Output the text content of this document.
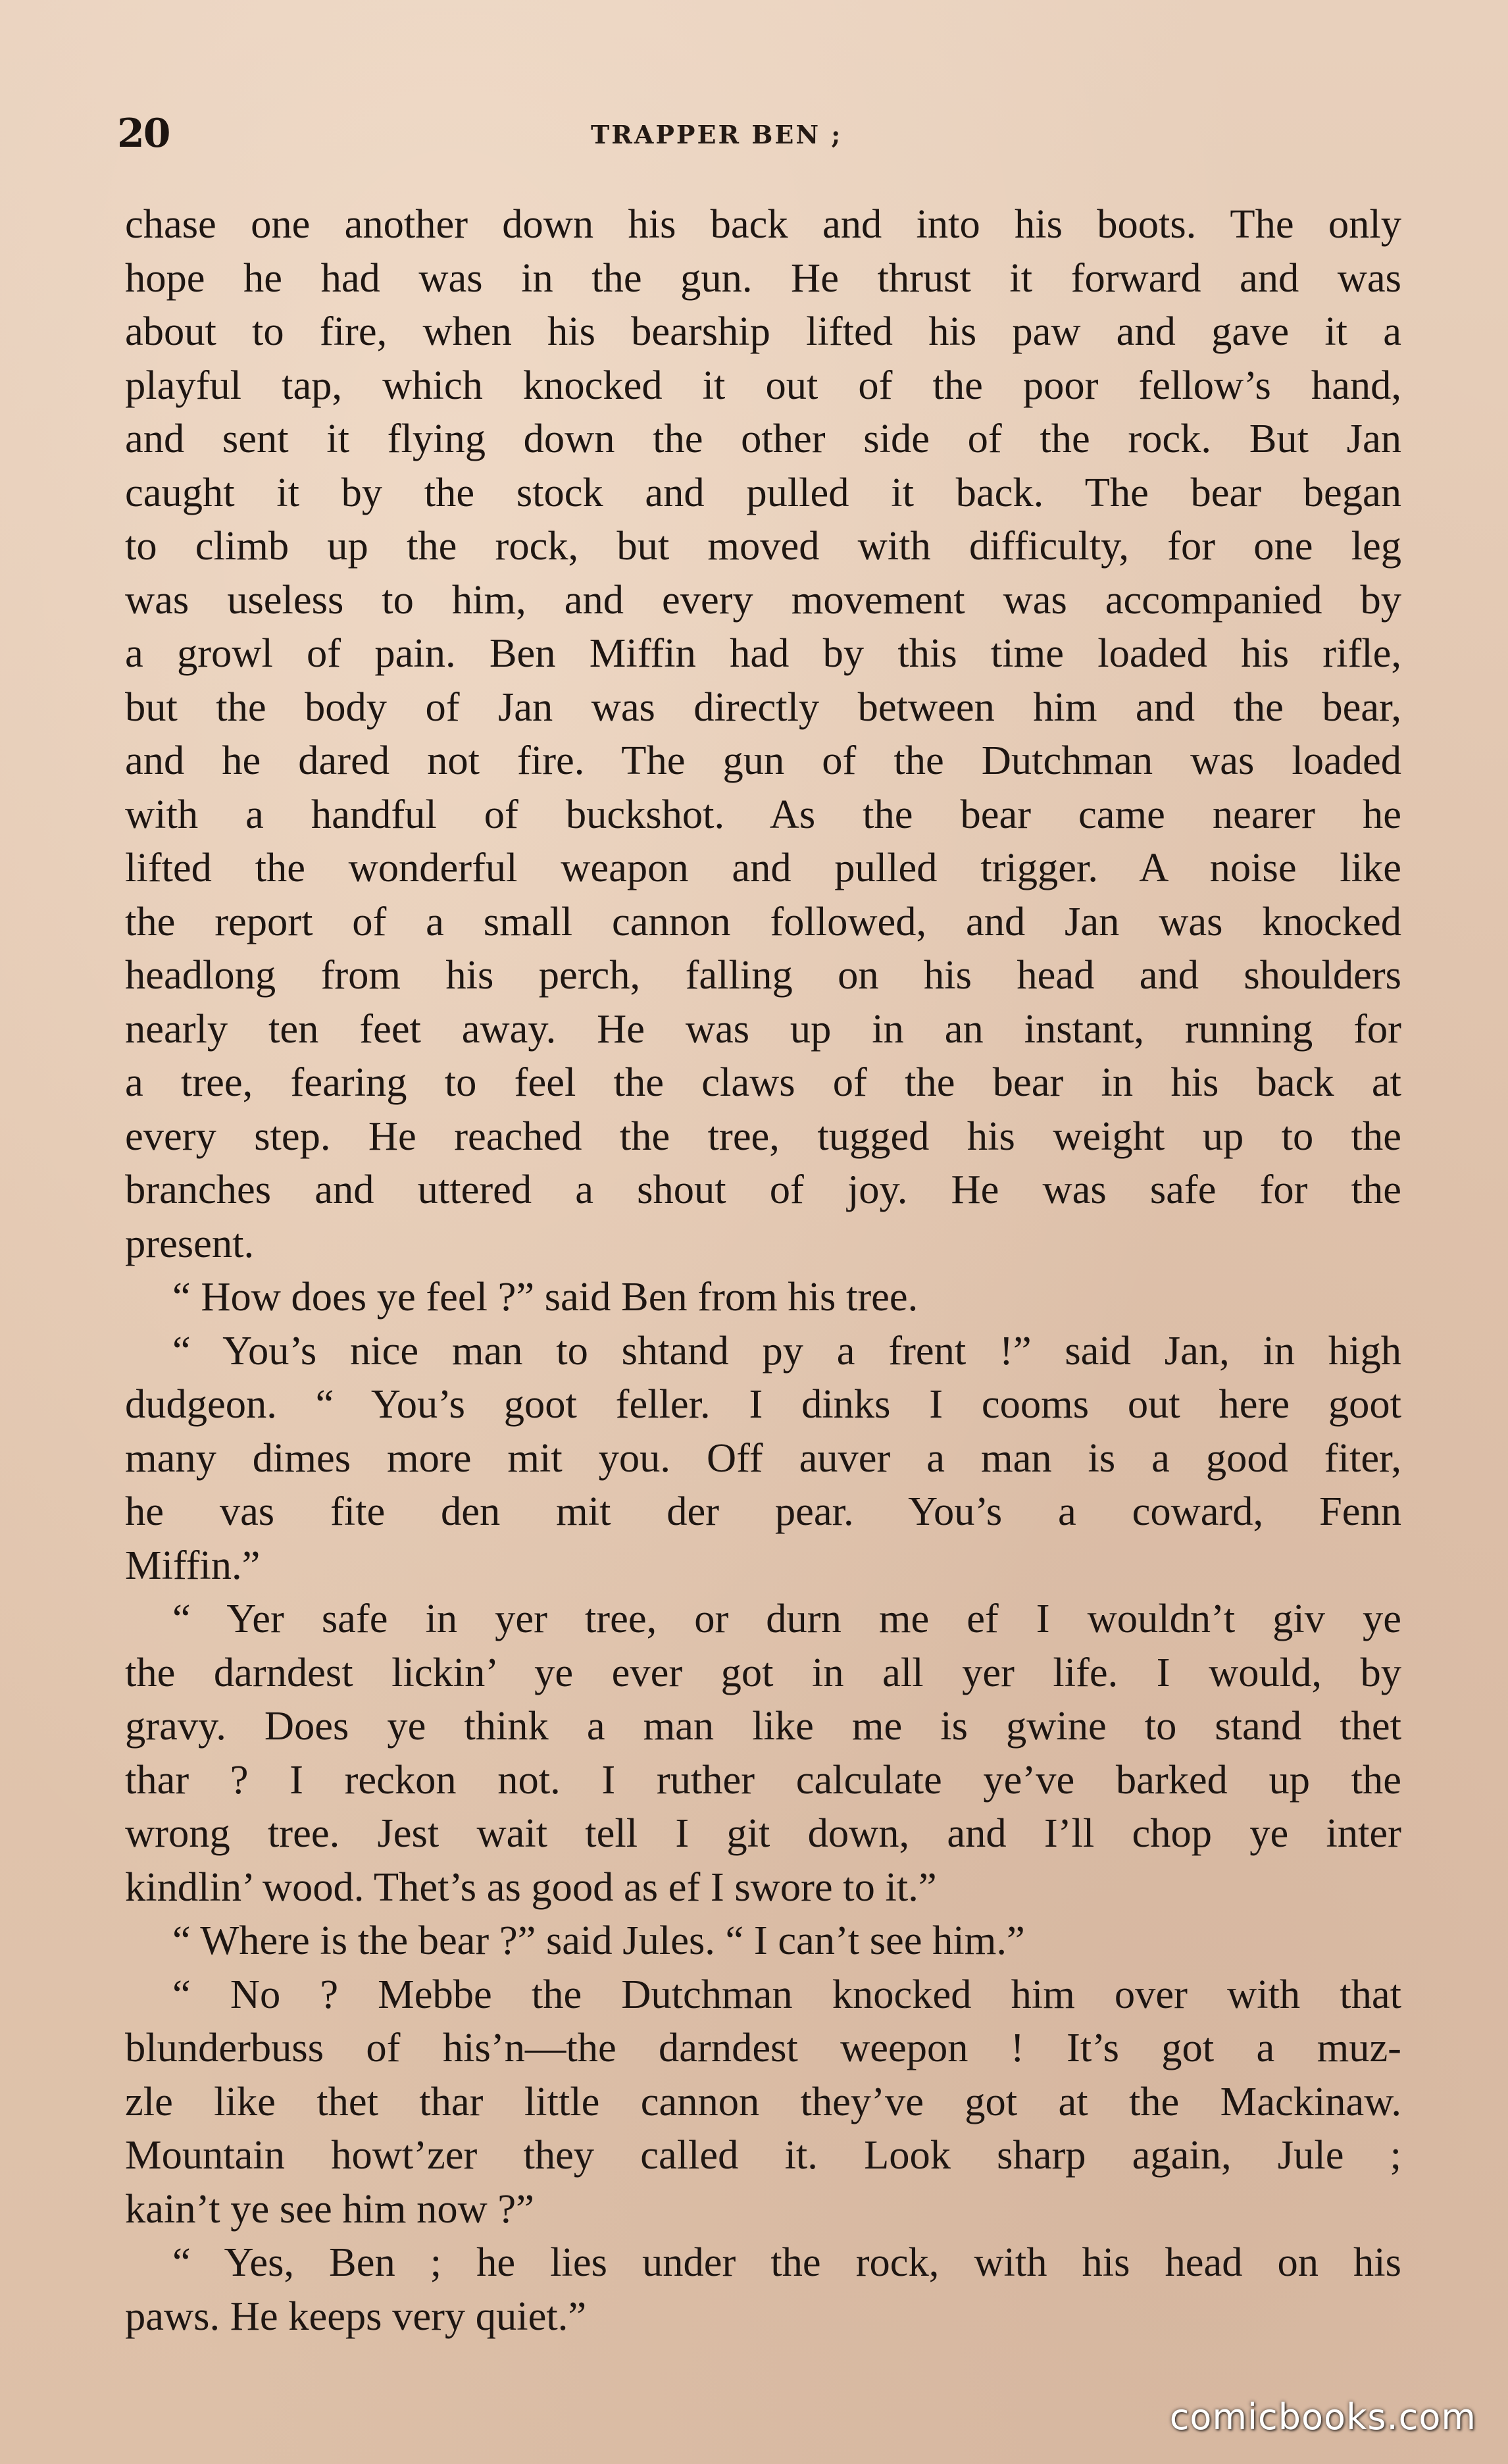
20	TRAPPER BEN ;
chase one another down his back and into his boots. The only
hope he had was in the gun. He thrust it forward and was
about to fire, when his bearship lifted his paw and gave it a
playful tap, which knocked it out of the poor fellow’s hand,
and sent it flying down the other side of the rock. But Jan
caught it by the stock and pulled it back. The bear began
to climb up the rock, but moved with difficulty, for one leg
was useless to him, and every movement was accompanied by
a growl of pain. Ben Miffin had by this time loaded his rifle,
but the body of Jan was directly between him and the bear,
and he dared not fire. The gun of the Dutchman was loaded
with a handful of buckshot. As the bear came nearer he
lifted the wonderful weapon and pulled trigger. A noise like
the report of a small cannon followed, and Jan was knocked
headlong from his perch, falling on his head and shoulders
nearly ten feet away. He was up in an instant, running for
a tree, fearing to feel the claws of the bear in his back at
every step. He reached the tree, tugged his weight up to the
branches and uttered a shout of joy. He was safe for the
present.
“ How does ye feel ?” said Ben from his tree.
“ You’s nice man to shtand py a frent !” said Jan, in high
dudgeon. “ You’s goot feller. I dinks I cooms out here goot
many dimes more mit you. Off auver a man is a good fiter,
he vas fite den mit der pear. You’s a coward, Fenn
Miffin.”
“ Yer safe in yer tree, or durn me ef I wouldn’t giv ye
the darndest lickin’ ye ever got in all yer life. I would, by
gravy. Does ye think a man like me is gwine to stand thet
thar ? I reckon not. I ruther calculate ye’ve barked up the
wrong tree. Jest wait tell I git down, and I’ll chop ye inter
kindlin’ wood. Thet’s as good as ef I swore to it.”
“ Where is the bear ?” said Jules. “ I can’t see him.”
“ No ? Mebbe the Dutchman knocked him over with that
blunderbuss of his’n—the darndest weepon ! It’s got a muz-
zle like thet thar little cannon they’ve got at the Mackinaw.
Mountain howt’zer they called it. Look sharp again, Jule ;
kain’t ye see him now ?”
“ Yes, Ben ; he lies under the rock, with his head on his
paws. He keeps very quiet.”
comicbooks.com
